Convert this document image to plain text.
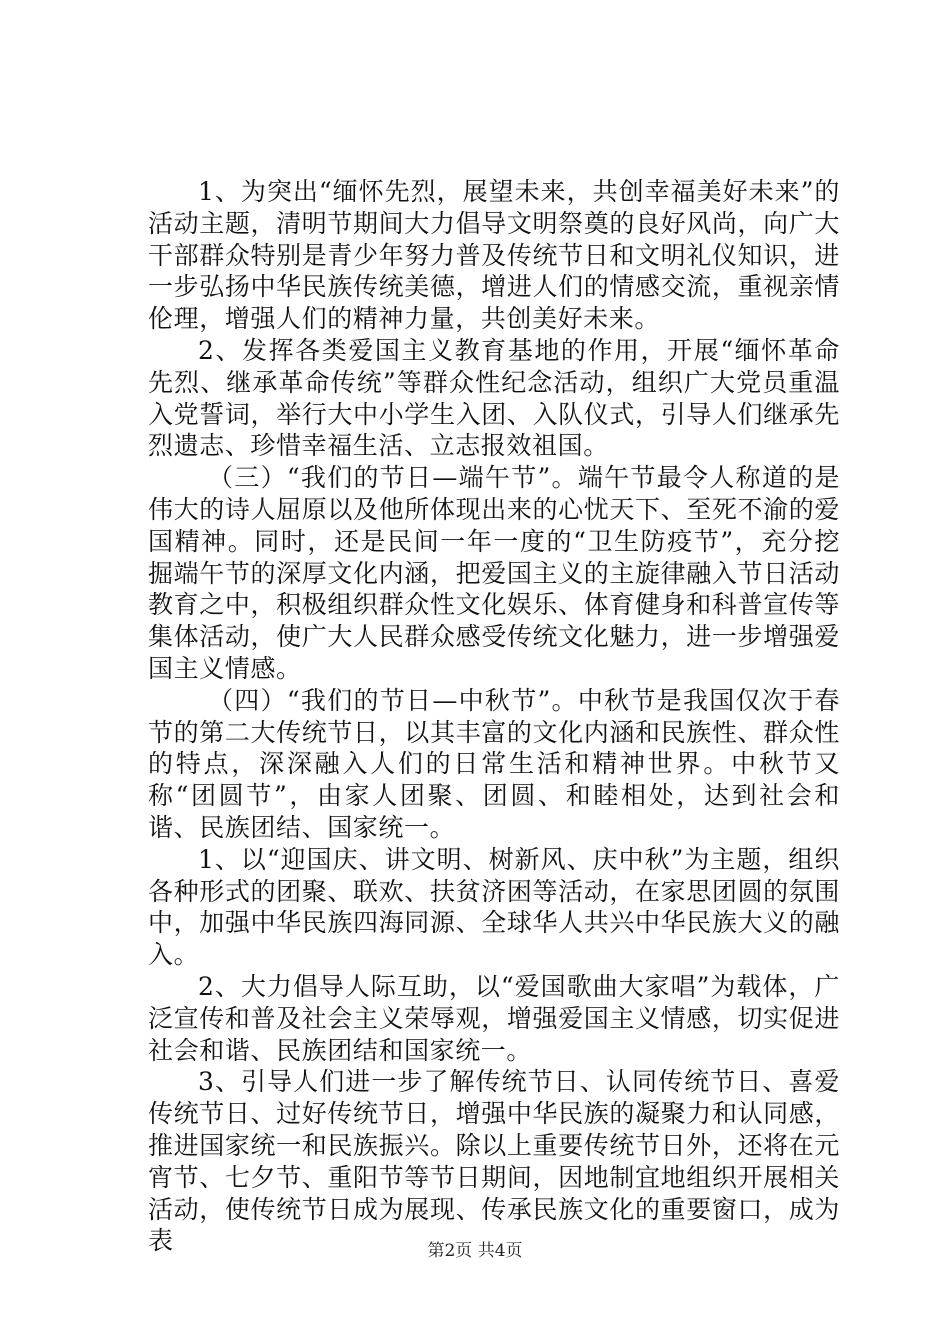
1、为突出“缅怀先烈，展望未来，共创幸福美好未来”的活动主题，清明节期间大力倡导文明祭奠的良好风尚，向广大干部群众特别是青少年努力普及传统节日和文明礼仪知识，进一步弘扬中华民族传统美德，增进人们的情感交流，重视亲情伦理，增强人们的精神力量，共创美好未来。

2、发挥各类爱国主义教育基地的作用，开展“缅怀革命先烈、继承革命传统”等群众性纪念活动，组织广大党员重温入党誓词，举行大中小学生入团、入队仪式，引导人们继承先烈遗志、珍惜幸福生活、立志报效祖国。

（三）“我们的节日—端午节”。端午节最令人称道的是伟大的诗人屈原以及他所体现出来的心忧天下、至死不渝的爱国精神。同时，还是民间一年一度的“卫生防疫节”，充分挖掘端午节的深厚文化内涵，把爱国主义的主旋律融入节日活动教育之中，积极组织群众性文化娱乐、体育健身和科普宣传等集体活动，使广大人民群众感受传统文化魅力，进一步增强爱国主义情感。

（四）“我们的节日—中秋节”。中秋节是我国仅次于春节的第二大传统节日，以其丰富的文化内涵和民族性、群众性的特点，深深融入人们的日常生活和精神世界。中秋节又称“团圆节”，由家人团聚、团圆、和睦相处，达到社会和谐、民族团结、国家统一。

1、以“迎国庆、讲文明、树新风、庆中秋”为主题，组织各种形式的团聚、联欢、扶贫济困等活动，在家思团圆的氛围中，加强中华民族四海同源、全球华人共兴中华民族大义的融入。

2、大力倡导人际互助，以“爱国歌曲大家唱”为载体，广泛宣传和普及社会主义荣辱观，增强爱国主义情感，切实促进社会和谐、民族团结和国家统一。

3、引导人们进一步了解传统节日、认同传统节日、喜爱传统节日、过好传统节日，增强中华民族的凝聚力和认同感，推进国家统一和民族振兴。除以上重要传统节日外，还将在元宵节、七夕节、重阳节等节日期间，因地制宜地组织开展相关活动，使传统节日成为展现、传承民族文化的重要窗口，成为表	第2页 共4页
